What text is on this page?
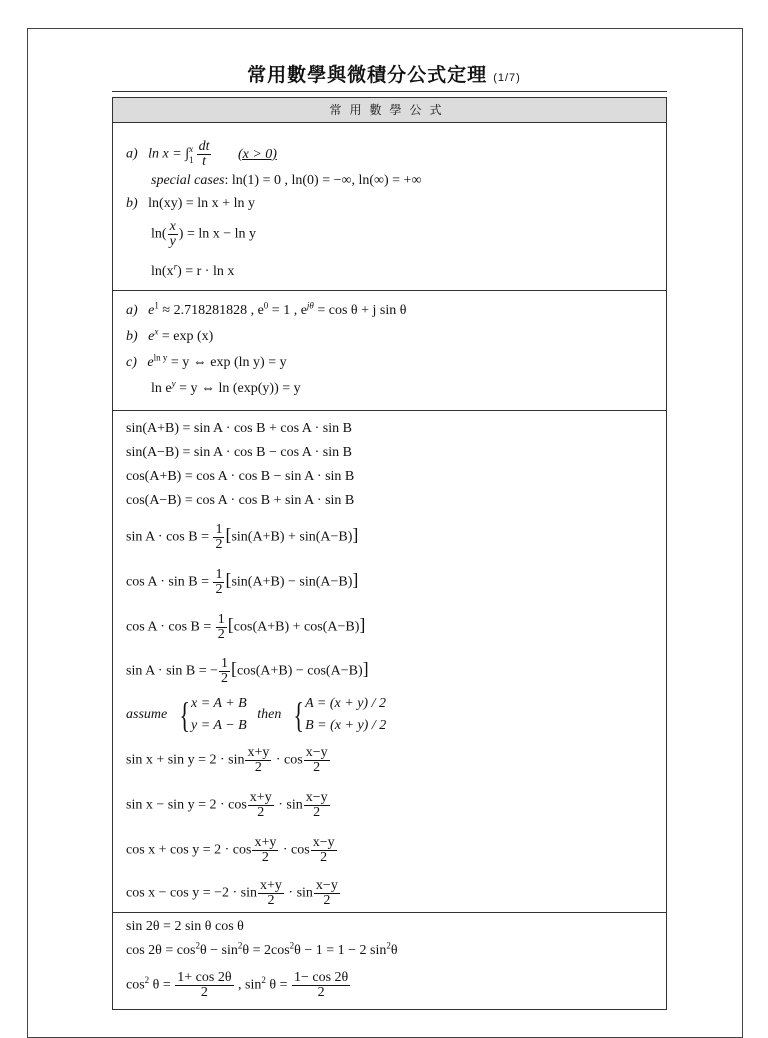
常用數學與微積分公式定理 (1/7)
常用數學公式
a) ln x = ∫ x
$1 \frac{dt}{t} (x > 0)$
special cases: ln(1) = 0 , ln(0) = −∞, ln(∞) = +∞
b) ln(xy) = ln x + ln y
$\ln( \frac{x}{y}$ ) = ln x − ln y
$\ln(x^r) = r \cdot \ln x$
a) $e^1 \approx 2.718281828$ , $e^0 = 1$ , $e^{j\theta} = \cos \theta + j$ sin θ
b) $e^x = \exp (x)$
c) $e^{ln y} = y$ ⇔ exp (ln y) = y
$\ln e^y = y$ ⇔ ln (exp(y)) = y
sin(A+B) = sin A · cos B + cos A · sin B
sin(A−B) = sin A · cos B − cos A · sin B
cos(A+B) = cos A · cos B − sin A · sin B
cos(A−B) = cos A · cos B + sin A · sin B
$\sin A \cdot \cos B = \frac{1}{2} [\sin(A+B) + \sin(A-B)]$
$\cos A \cdot \sin B = \frac{1}{2} [\sin(A+B) - \sin(A-B)]$
$\cos A \cdot \cos B = \frac{1}{2} [\cos(A+B) + \cos(A-B)]$
sin A · sin B = − $\frac{1}{2} [\cos(A+B) - \cos(A-B)]$
assume { x = A + B
y = A − B
then { A = (x + y) / 2
B = (x + y) / 2
$\sin x + \sin y = 2 \cdot \sin \frac{x+y}{2} \cdot \cos \frac{x-y}{2}$
$\sin x - \sin y = 2 \cdot \cos \frac{x+y}{2} \cdot \sin \frac{x-y}{2}$
$\cos x + \cos y = 2 \cdot \cos \frac{x+y}{2} \cdot \cos \frac{x-y}{2}$
$\cos x - \cos y = -2 \cdot \sin \frac{x+y}{2} \cdot \sin \frac{x-y}{2}$
sin 2θ = 2 sin θ cos θ
$\cos 2\theta = \cos^2\theta - \sin^2\theta = 2\cos^2\theta - 1 = 1 - 2$ $\sin^2\theta$
$\cos^2 \theta = \frac{1+ \cos 2\theta}{2}$ , $\sin^2 \theta = \frac{1- \cos 2\theta}{2}$
